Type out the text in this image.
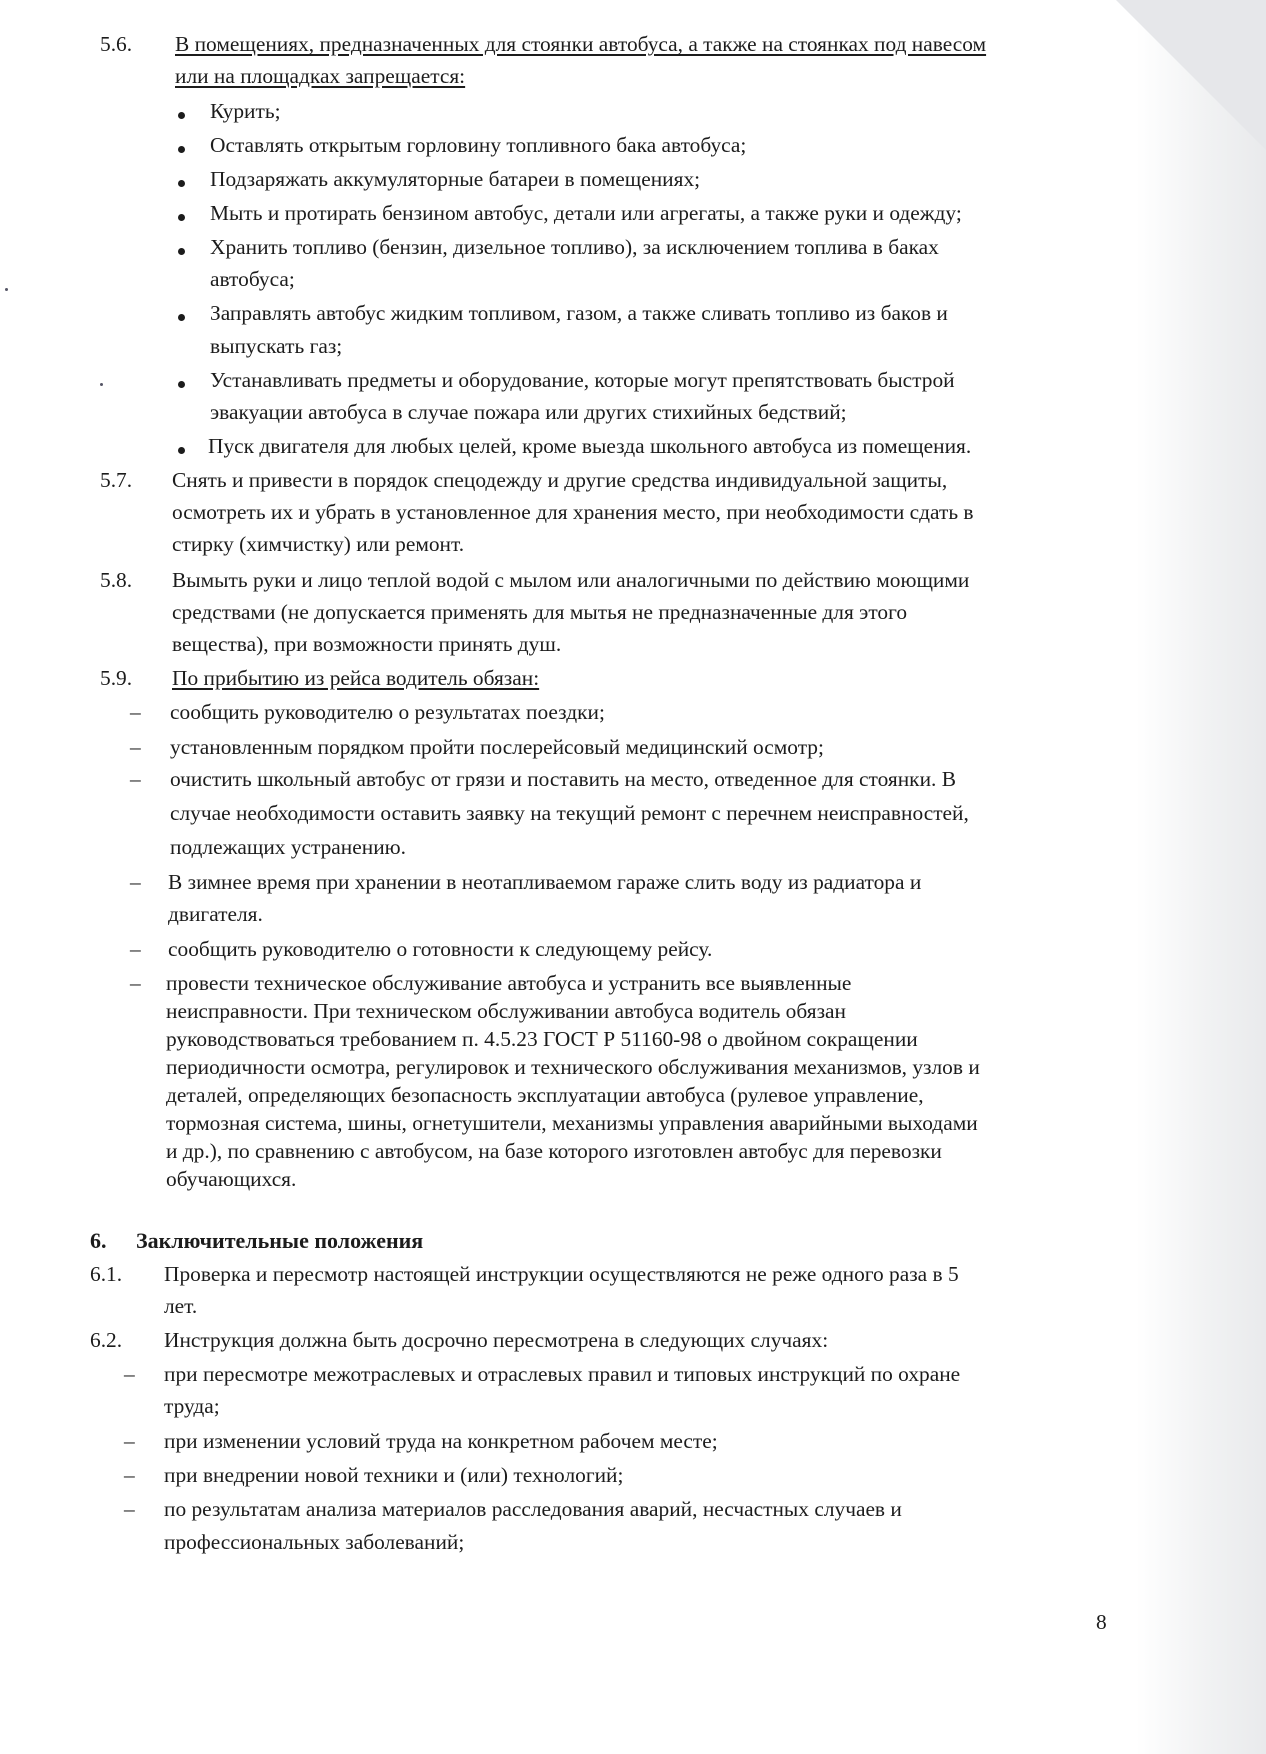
5.6. В помещениях, предназначенных для стоянки автобуса, а также на стоянках под навесом
или на площадках запрещается:
Курить;
Оставлять открытым горловину топливного бака автобуса;
Подзаряжать аккумуляторные батареи в помещениях;
Мыть и протирать бензином автобус, детали или агрегаты, а также руки и одежду;
Хранить топливо (бензин, дизельное топливо), за исключением топлива в баках
автобуса;
Заправлять автобус жидким топливом, газом, а также сливать топливо из баков и
выпускать газ;
Устанавливать предметы и оборудование, которые могут препятствовать быстрой
эвакуации автобуса в случае пожара или других стихийных бедствий;
Пуск двигателя для любых целей, кроме выезда школьного автобуса из помещения.
5.7. Снять и привести в порядок спецодежду и другие средства индивидуальной защиты,
осмотреть их и убрать в установленное для хранения место, при необходимости сдать в
стирку (химчистку) или ремонт.
5.8. Вымыть руки и лицо теплой водой с мылом или аналогичными по действию моющими
средствами (не допускается применять для мытья не предназначенные для этого
вещества), при возможности принять душ.
5.9. По прибытию из рейса водитель обязан:
– сообщить руководителю о результатах поездки;
– установленным порядком пройти послерейсовый медицинский осмотр;
– очистить школьный автобус от грязи и поставить на место, отведенное для стоянки. В
случае необходимости оставить заявку на текущий ремонт с перечнем неисправностей,
подлежащих устранению.
– В зимнее время при хранении в неотапливаемом гараже слить воду из радиатора и
двигателя.
– сообщить руководителю о готовности к следующему рейсу.
– провести техническое обслуживание автобуса и устранить все выявленные
неисправности. При техническом обслуживании автобуса водитель обязан
руководствоваться требованием п. 4.5.23 ГОСТ Р 51160-98 о двойном сокращении
периодичности осмотра, регулировок и технического обслуживания механизмов, узлов и
деталей, определяющих безопасность эксплуатации автобуса (рулевое управление,
тормозная система, шины, огнетушители, механизмы управления аварийными выходами
и др.), по сравнению с автобусом, на базе которого изготовлен автобус для перевозки
обучающихся.
6. Заключительные положения
6.1. Проверка и пересмотр настоящей инструкции осуществляются не реже одного раза в 5
лет.
6.2. Инструкция должна быть досрочно пересмотрена в следующих случаях:
– при пересмотре межотраслевых и отраслевых правил и типовых инструкций по охране
труда;
– при изменении условий труда на конкретном рабочем месте;
– при внедрении новой техники и (или) технологий;
– по результатам анализа материалов расследования аварий, несчастных случаев и
профессиональных заболеваний;
8
